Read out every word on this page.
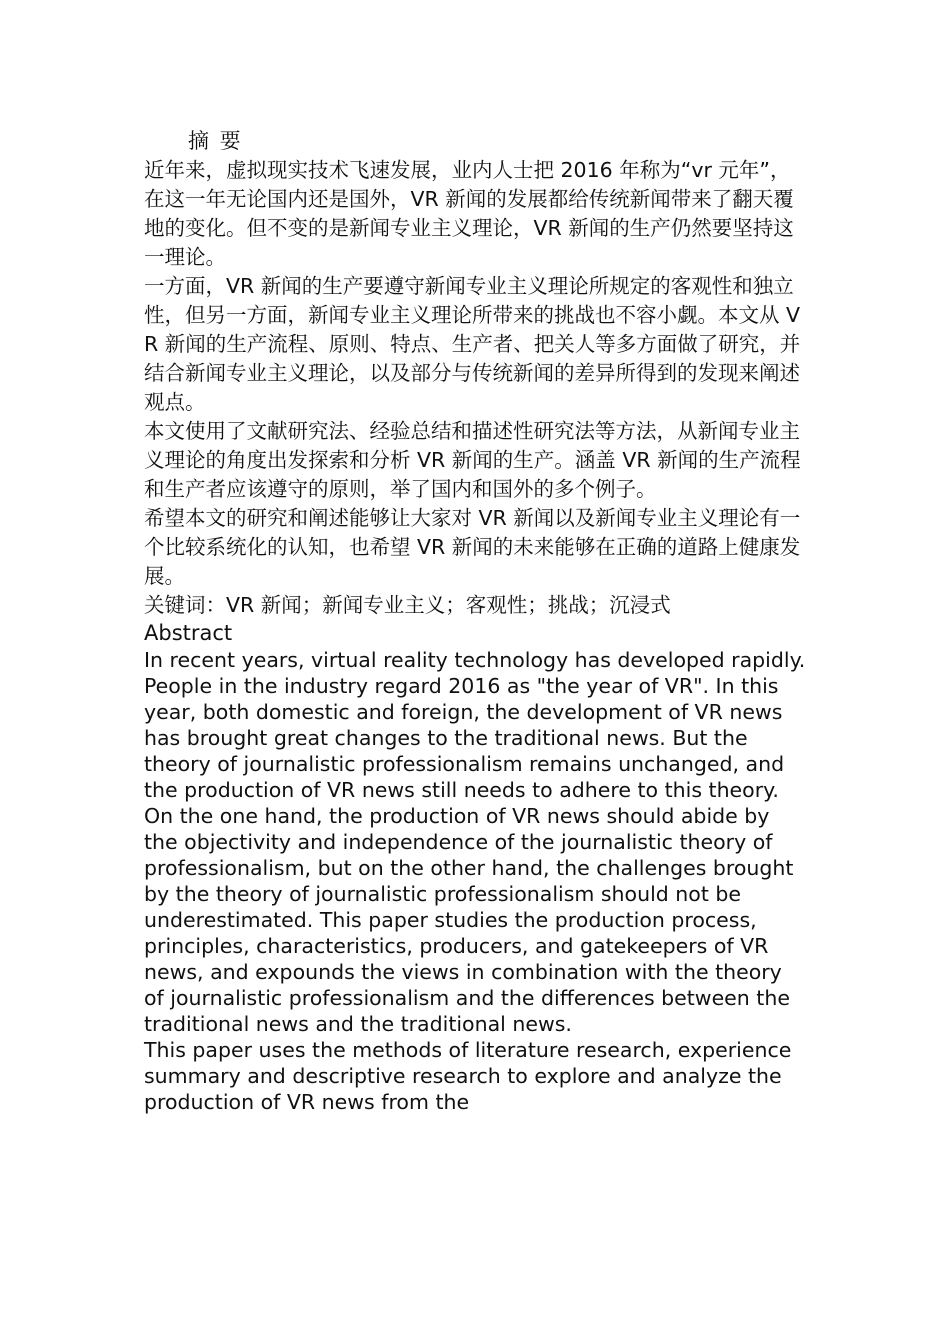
摘 要

近年来，虚拟现实技术飞速发展，业内人士把 2016 年称为“vr 元年”，在这一年无论国内还是国外，VR 新闻的发展都给传统新闻带来了翻天覆地的变化。但不变的是新闻专业主义理论，VR 新闻的生产仍然要坚持这一理论。

一方面，VR 新闻的生产要遵守新闻专业主义理论所规定的客观性和独立性，但另一方面，新闻专业主义理论所带来的挑战也不容小觑。本文从 VR 新闻的生产流程、原则、特点、生产者、把关人等多方面做了研究，并结合新闻专业主义理论，以及部分与传统新闻的差异所得到的发现来阐述观点。

本文使用了文献研究法、经验总结和描述性研究法等方法，从新闻专业主义理论的角度出发探索和分析 VR 新闻的生产。涵盖 VR 新闻的生产流程和生产者应该遵守的原则，举了国内和国外的多个例子。

希望本文的研究和阐述能够让大家对 VR 新闻以及新闻专业主义理论有一个比较系统化的认知，也希望 VR 新闻的未来能够在正确的道路上健康发展。

关键词：VR 新闻；新闻专业主义；客观性；挑战；沉浸式

Abstract

In recent years, virtual reality technology has developed rapidly. People in the industry regard 2016 as "the year of VR". In this year, both domestic and foreign, the development of VR news has brought great changes to the traditional news. But the theory of journalistic professionalism remains unchanged, and the production of VR news still needs to adhere to this theory.

On the one hand, the production of VR news should abide by the objectivity and independence of the journalistic theory of professionalism, but on the other hand, the challenges brought by the theory of journalistic professionalism should not be underestimated. This paper studies the production process, principles, characteristics, producers, and gatekeepers of VR news, and expounds the views in combination with the theory of journalistic professionalism and the differences between the traditional news and the traditional news.

This paper uses the methods of literature research, experience summary and descriptive research to explore and analyze the production of VR news from the
